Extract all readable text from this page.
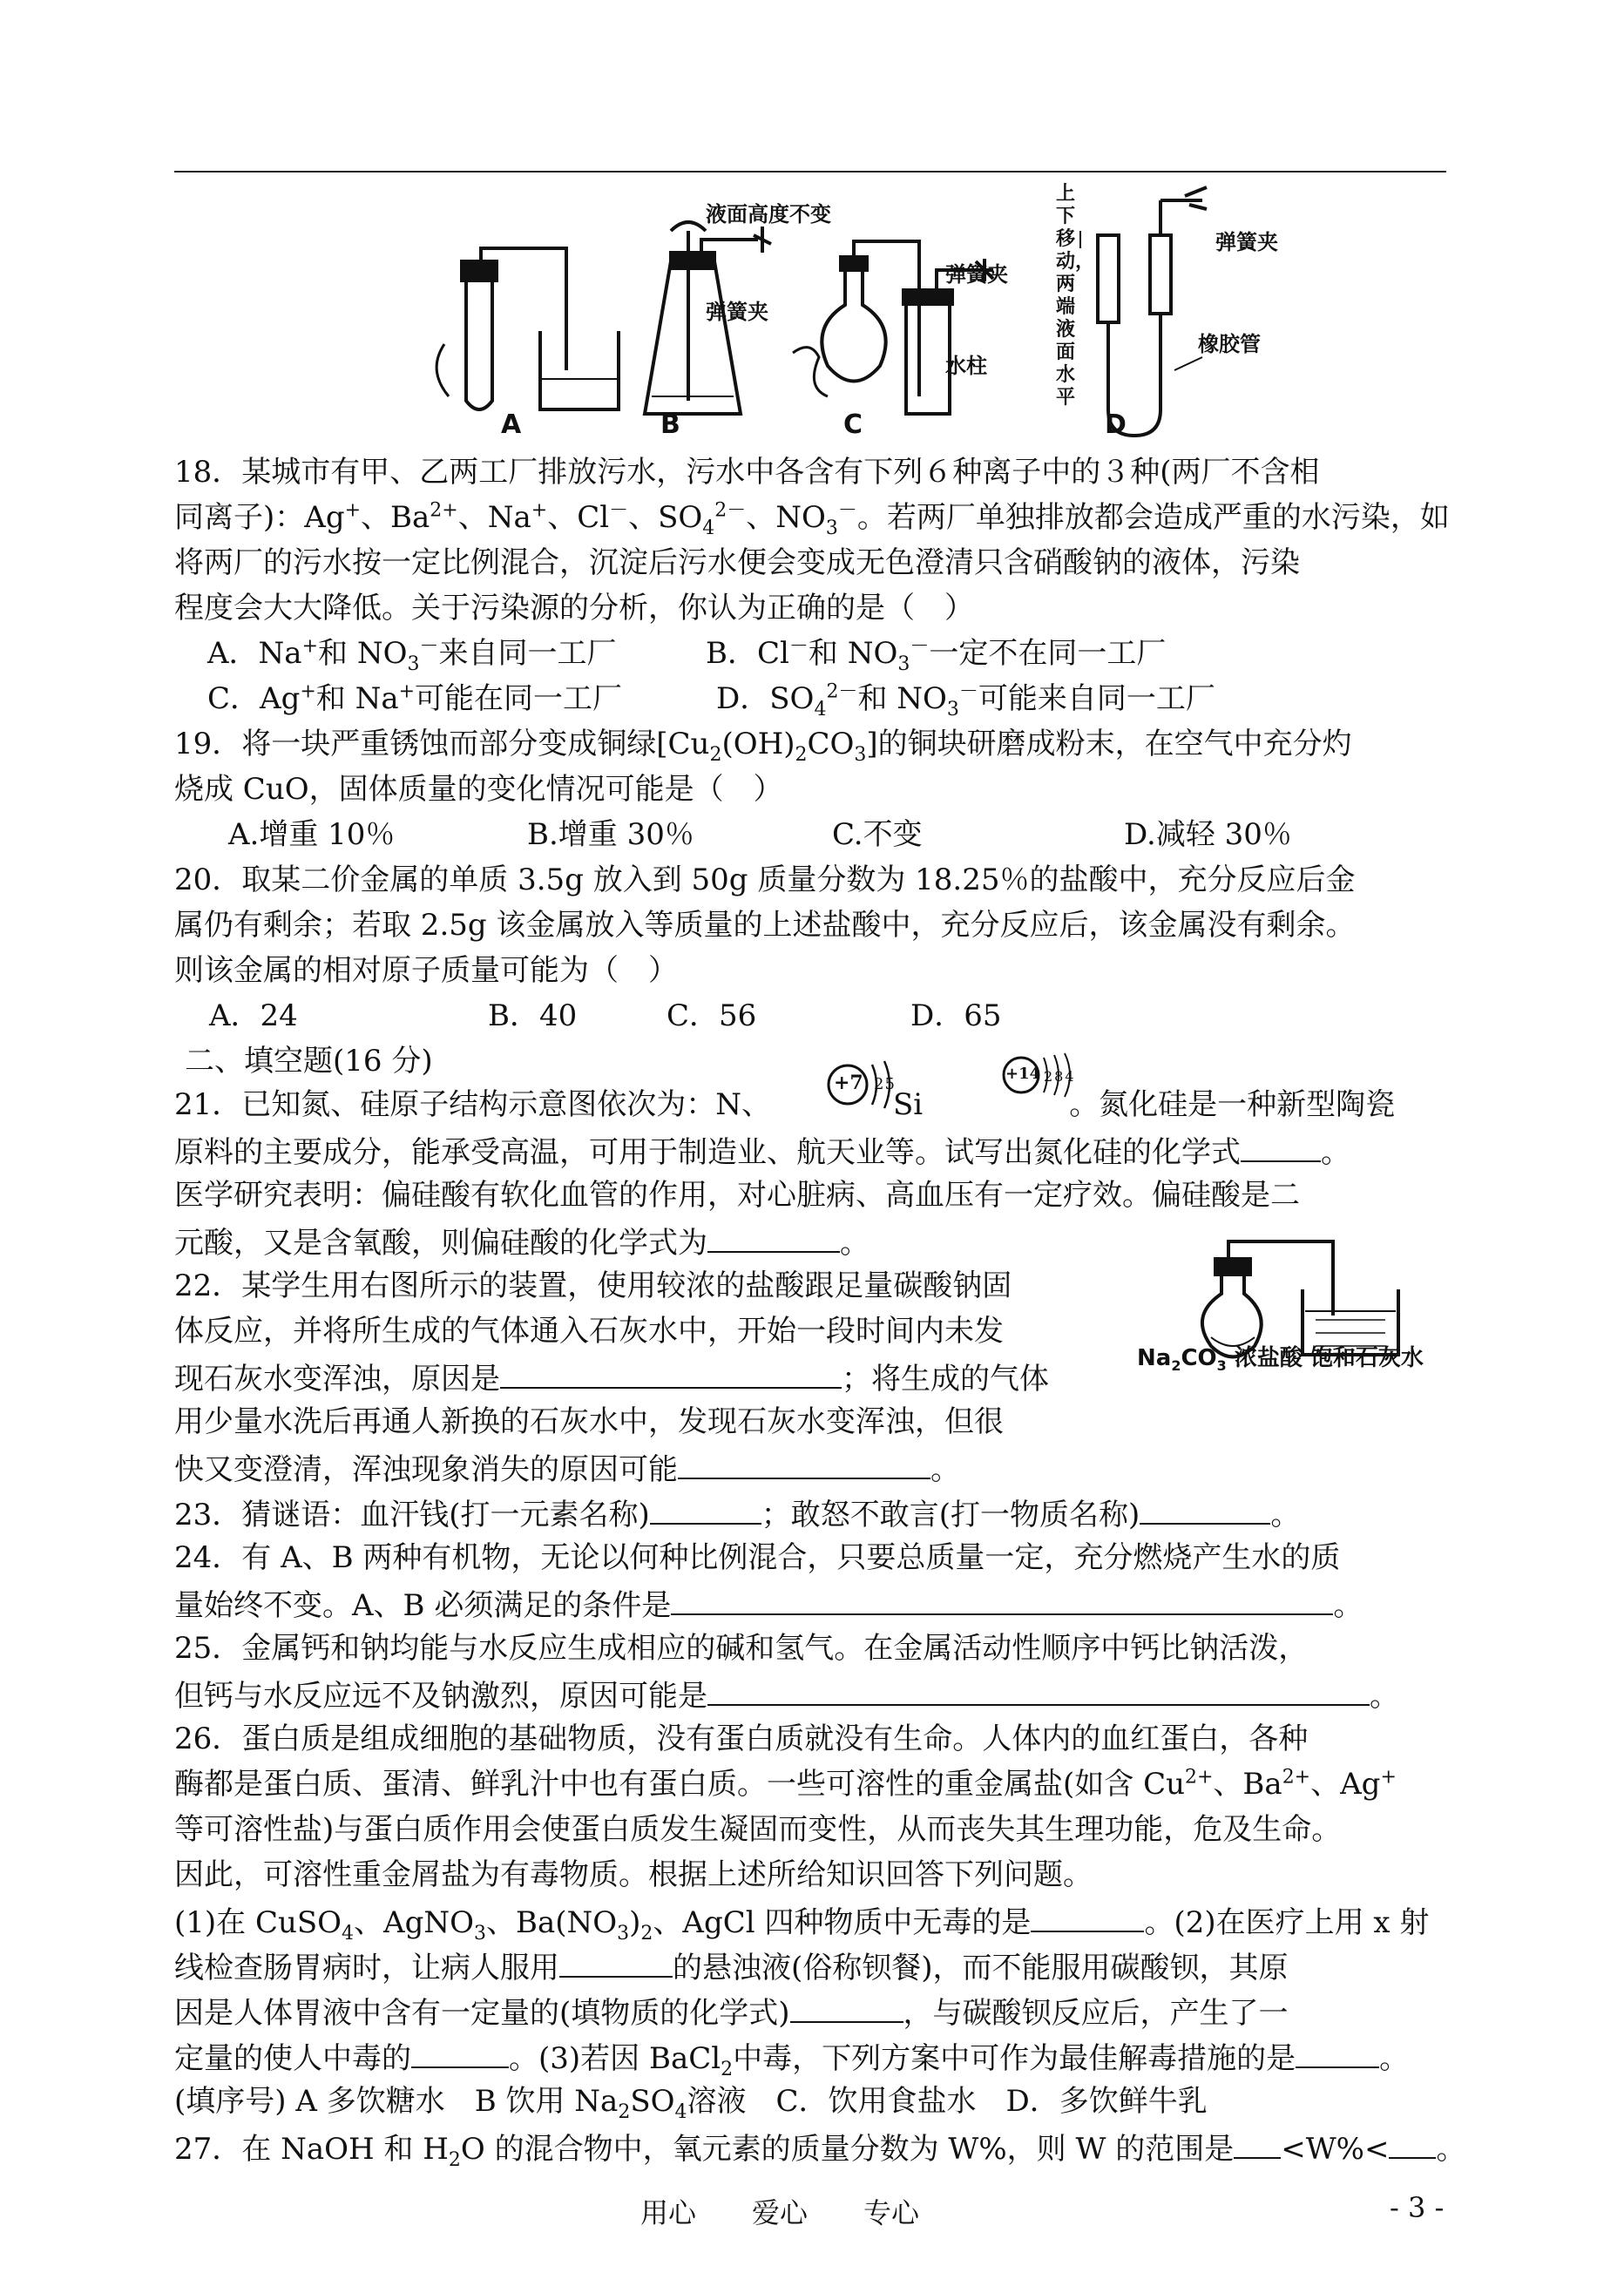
A	B	C	D
液面高度不变
弹簧夹
弹簧夹
水柱
上下移动，两端液面水平
弹簧夹
橡胶管
18．某城市有甲、乙两工厂排放污水，污水中各含有下列６种离子中的３种(两厂不含相
同离子)：Ag+、$Ba^{2+}$、Na+、Cl－、$SO_4^{2-}$、$NO_3^-$。若两厂单独排放都会造成严重的水污染，如
将两厂的污水按一定比例混合，沉淀后污水便会变成无色澄清只含硝酸钠的液体，污染
程度会大大降低。关于污染源的分析，你认为正确的是（　）
A．Na+和 $NO_3^-$来自同一工厂	B．Cl－和 $NO_3^-$一定不在同一工厂
C．Ag+和 Na+可能在同一工厂	D．$SO_4^{2-}$和 $NO_3^-$可能来自同一工厂
19．将一块严重锈蚀而部分变成铜绿$[Cu_2(OH)_2CO_3]$的铜块研磨成粉末，在空气中充分灼
烧成 CuO，固体质量的变化情况可能是（　）
A.增重 10％	B.增重 30％	C.不变	D.减轻 30％
20．取某二价金属的单质 3.5g 放入到 50g 质量分数为 18.25％的盐酸中，充分反应后金
属仍有剩余；若取 2.5g 该金属放入等质量的上述盐酸中，充分反应后，该金属没有剩余。
则该金属的相对原子质量可能为（　）
A．24	B．40	C．56	D．65
二、填空题(16 分)
21．已知氮、硅原子结构示意图依次为：N、	Si	。氮化硅是一种新型陶瓷
+7 25
+14 284
原料的主要成分，能承受高温，可用于制造业、航天业等。试写出氮化硅的化学式	。
医学研究表明：偏硅酸有软化血管的作用，对心脏病、高血压有一定疗效。偏硅酸是二
元酸，又是含氧酸，则偏硅酸的化学式为	。
22．某学生用右图所示的装置，使用较浓的盐酸跟足量碳酸钠固
体反应，并将所生成的气体通入石灰水中，开始一段时间内未发
现石灰水变浑浊，原因是	；将生成的气体
用少量水洗后再通人新换的石灰水中，发现石灰水变浑浊，但很
快又变澄清，浑浊现象消失的原因可能	。
$Na_2CO_3$ 浓盐酸 饱和石灰水
23．猜谜语：血汗钱(打一元素名称)	；敢怒不敢言(打一物质名称)	。
24．有 A、B 两种有机物，无论以何种比例混合，只要总质量一定，充分燃烧产生水的质
量始终不变。A、B 必须满足的条件是	。
25．金属钙和钠均能与水反应生成相应的碱和氢气。在金属活动性顺序中钙比钠活泼，
但钙与水反应远不及钠激烈，原因可能是	。
26．蛋白质是组成细胞的基础物质，没有蛋白质就没有生命。人体内的血红蛋白，各种
酶都是蛋白质、蛋清、鲜乳汁中也有蛋白质。一些可溶性的重金属盐(如含 $Cu^{2+}$、$Ba^{2+}$、Ag+
等可溶性盐)与蛋白质作用会使蛋白质发生凝固而变性，从而丧失其生理功能，危及生命。
因此，可溶性重金屑盐为有毒物质。根据上述所给知识回答下列问题。
(1)在 CuSO$_4$、AgNO$_3$、$Ba(NO_3)_2$、AgCl 四种物质中无毒的是	。(2)在医疗上用 x 射
线检查肠胃病时，让病人服用	的悬浊液(俗称钡餐)，而不能服用碳酸钡，其原
因是人体胃液中含有一定量的(填物质的化学式)	，与碳酸钡反应后，产生了一
定量的使人中毒的	。(3)若因 BaCl$_2$中毒，下列方案中可作为最佳解毒措施的是	。
(填序号) A 多饮糖水　B 饮用 $Na_2SO_4$溶液　C．饮用食盐水　D．多饮鲜牛乳
27．在 NaOH 和 $H_2O$ 的混合物中，氧元素的质量分数为 W%，则 W 的范围是 <W%< 。
用心　　爱心　　专心	- 3 -
